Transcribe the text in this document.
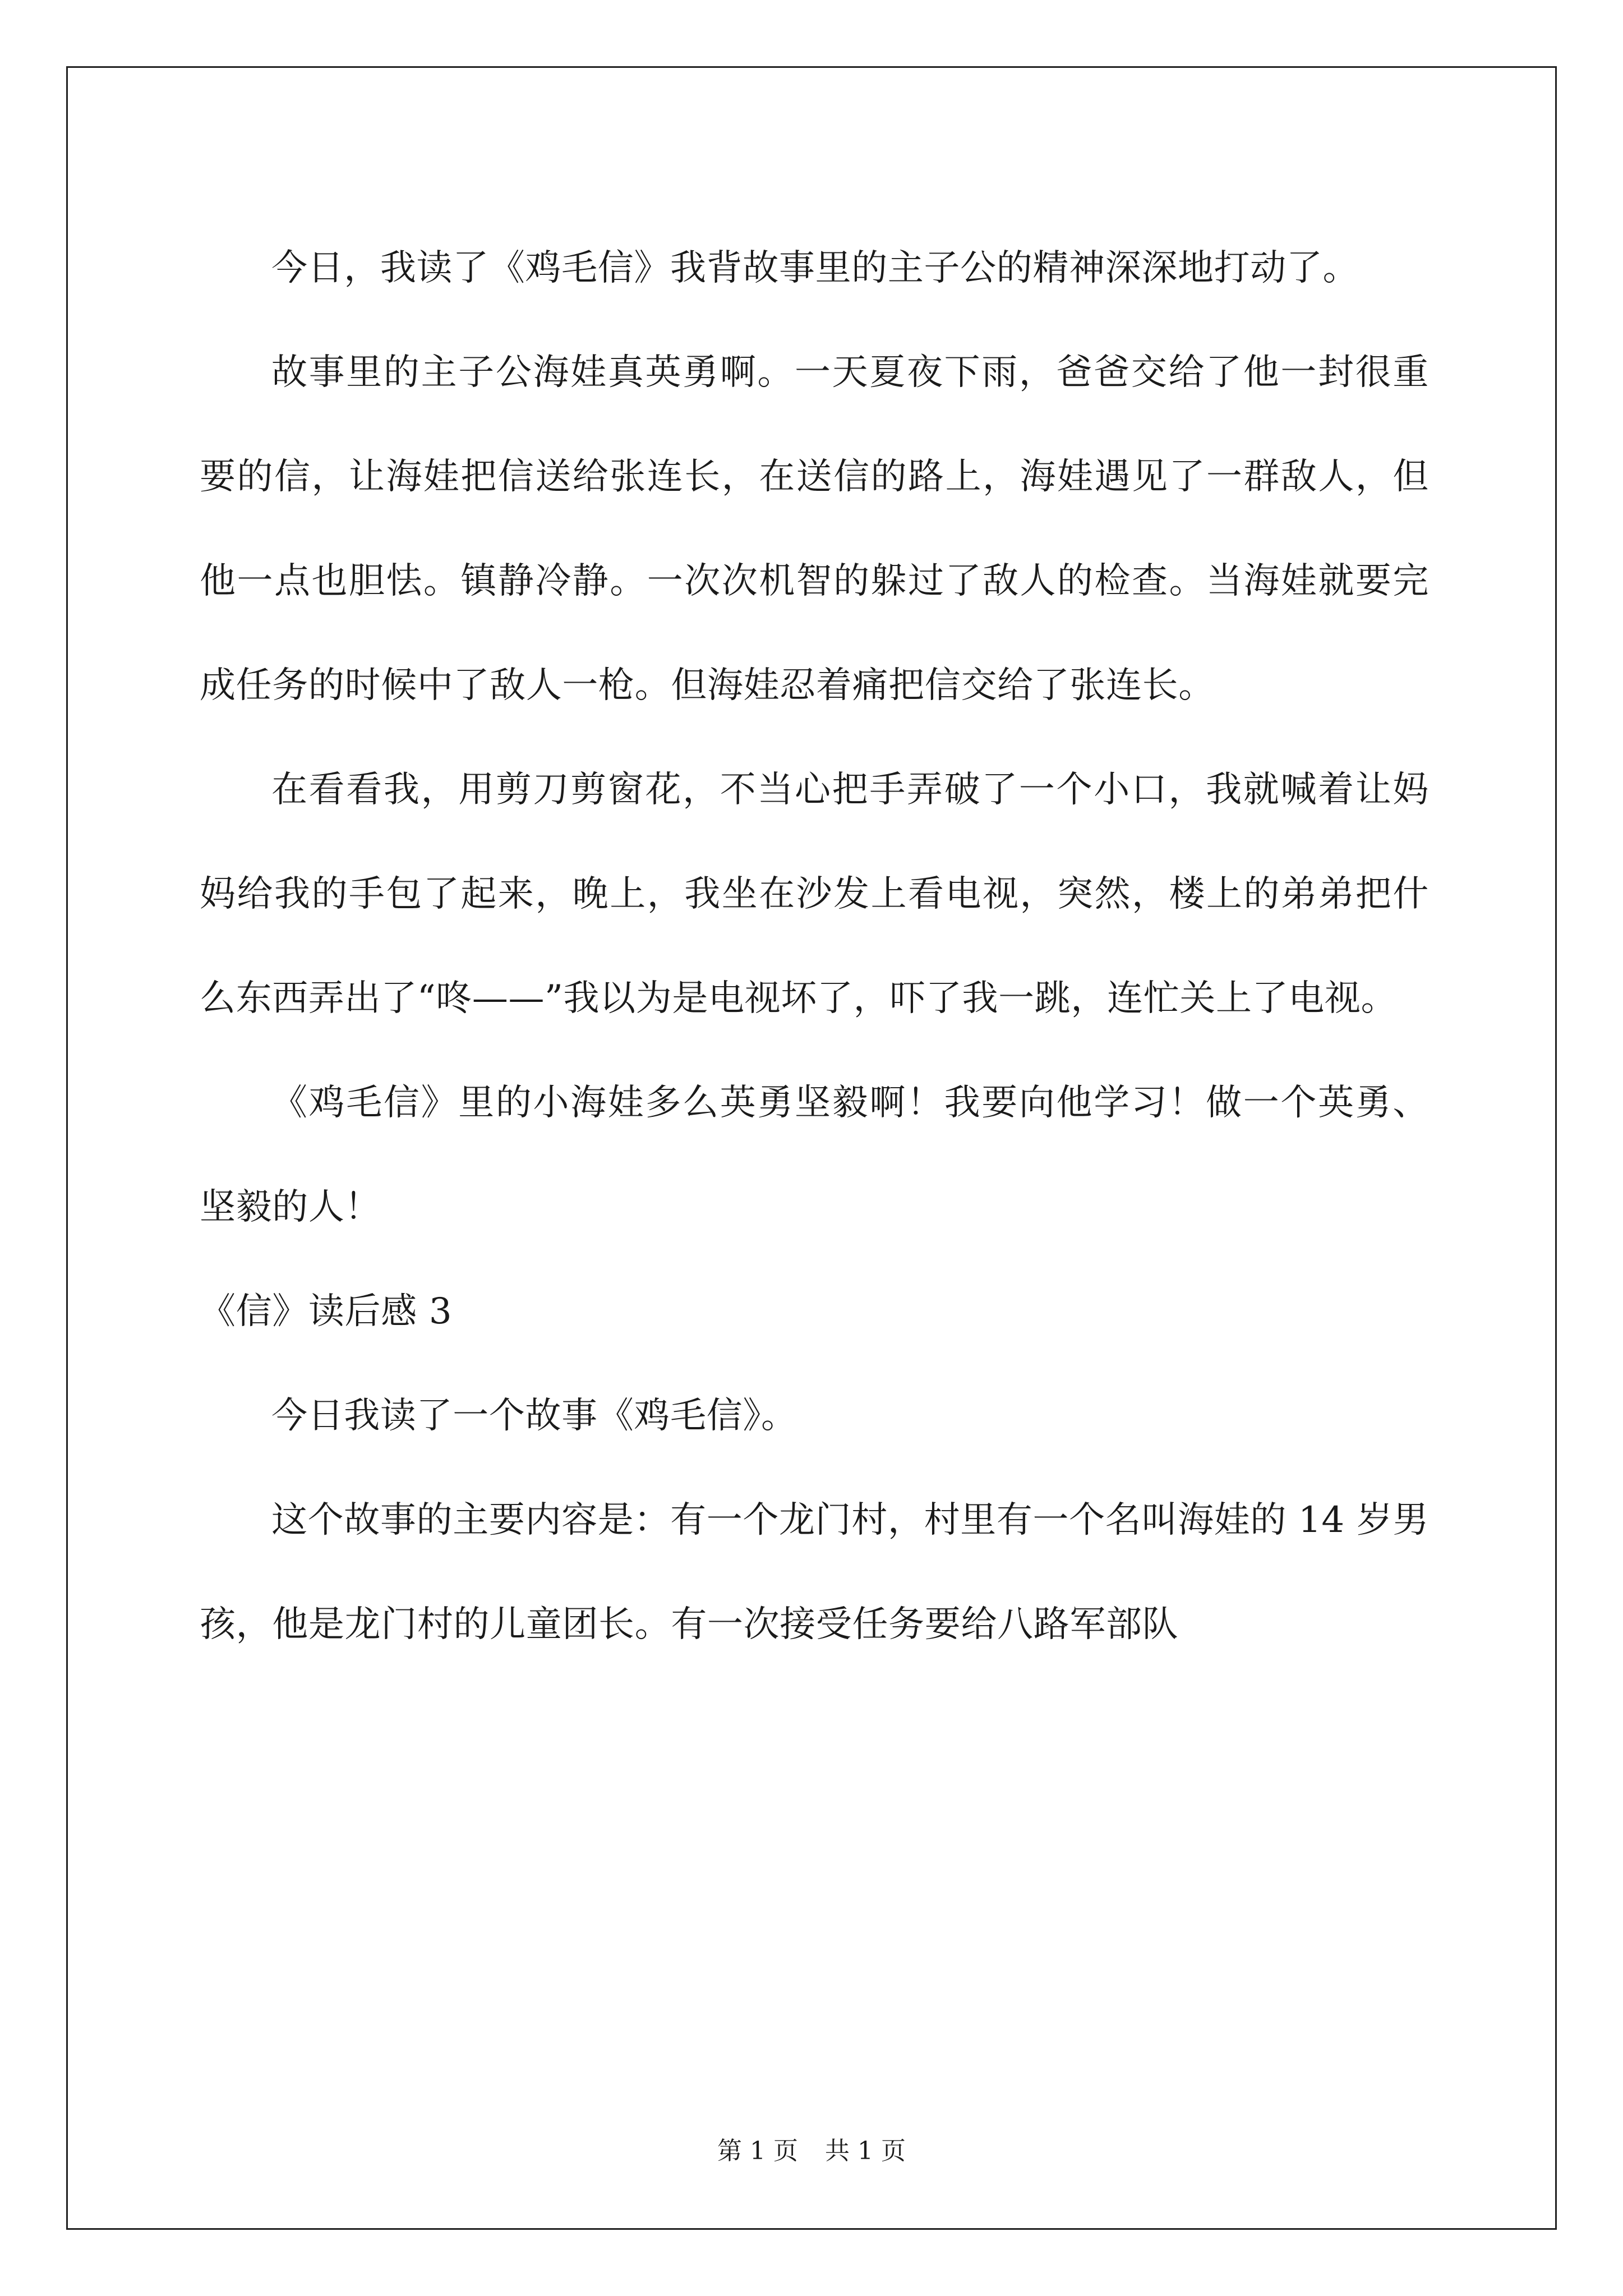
今日，我读了《鸡毛信》我背故事里的主子公的精神深深地打动了。

故事里的主子公海娃真英勇啊。一天夏夜下雨，爸爸交给了他一封很重要的信，让海娃把信送给张连长，在送信的路上，海娃遇见了一群敌人，但他一点也胆怯。镇静冷静。一次次机智的躲过了敌人的检查。当海娃就要完成任务的时候中了敌人一枪。但海娃忍着痛把信交给了张连长。

在看看我，用剪刀剪窗花，不当心把手弄破了一个小口，我就喊着让妈妈给我的手包了起来，晚上，我坐在沙发上看电视，突然，楼上的弟弟把什么东西弄出了“咚——”我以为是电视坏了，吓了我一跳，连忙关上了电视。

《鸡毛信》里的小海娃多么英勇坚毅啊！我要向他学习！做一个英勇、坚毅的人！

《信》读后感 3

今日我读了一个故事《鸡毛信》。

这个故事的主要内容是：有一个龙门村，村里有一个名叫海娃的 14 岁男孩，他是龙门村的儿童团长。有一次接受任务要给八路军部队

第 1 页 共 1 页
